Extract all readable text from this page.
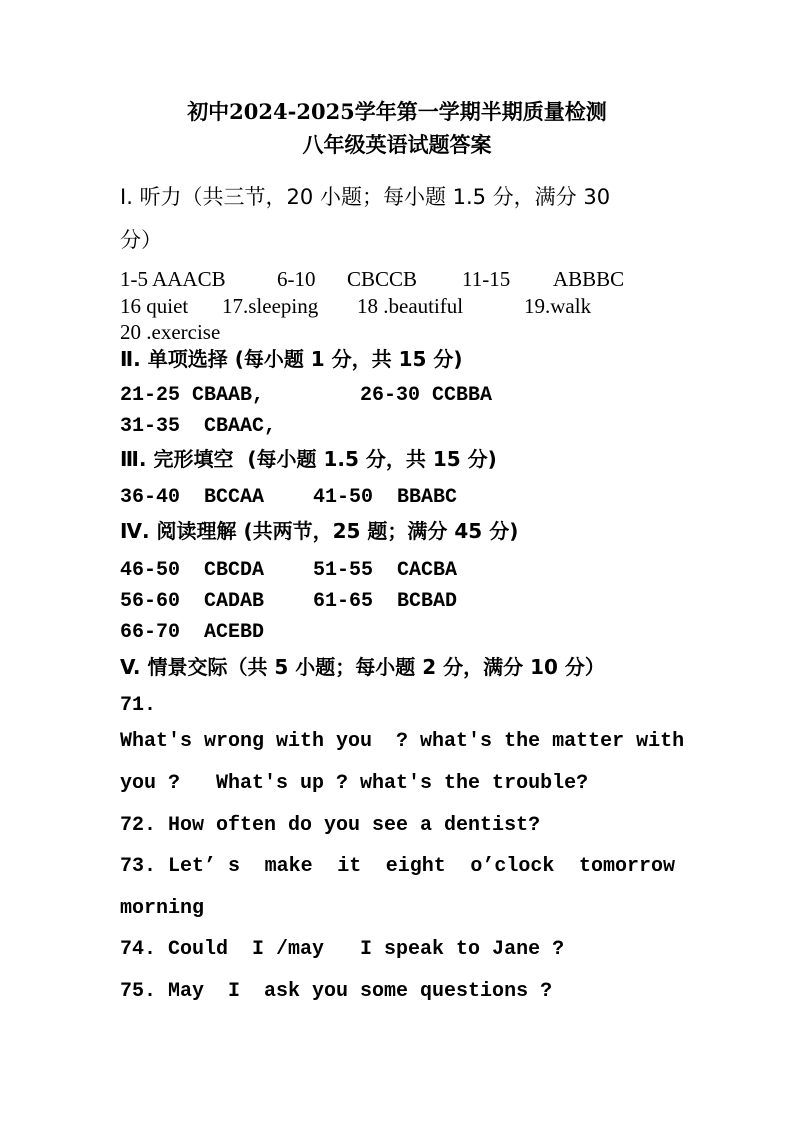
初中2024-2025学年第一学期半期质量检测
八年级英语试题答案
Ⅰ. 听力（共三节，20 小题；每小题 1.5 分，满分 30
分）
1-5 AAACB 6-10 CBCCB 11-15 ABBBC
16 quiet 17.sleeping 18 .beautiful	19.walk
20 .exercise
Ⅱ. 单项选择 (每小题 1 分，共 15 分)
21-25 CBAAB,	26-30 CCBBA
31-35  CBAAC,
Ⅲ. 完形填空  (每小题 1.5 分，共 15 分)
36-40  BCCAA 41-50  BBABC
Ⅳ. 阅读理解 (共两节，25 题；满分 45 分)
46-50  CBCDA 51-55  CACBA
56-60  CADAB 61-65  BCBAD
66-70  ACEBD
V. 情景交际（共 5 小题；每小题 2 分，满分 10 分）
71.
What's wrong with you  ? what's the matter with
you ?   What's up ? what's the trouble?
72. How often do you see a dentist?
73. Let’ s make it eight o’clock tomorrow
morning
74. Could  I /may   I speak to Jane ?
75. May  I  ask you some questions ?
